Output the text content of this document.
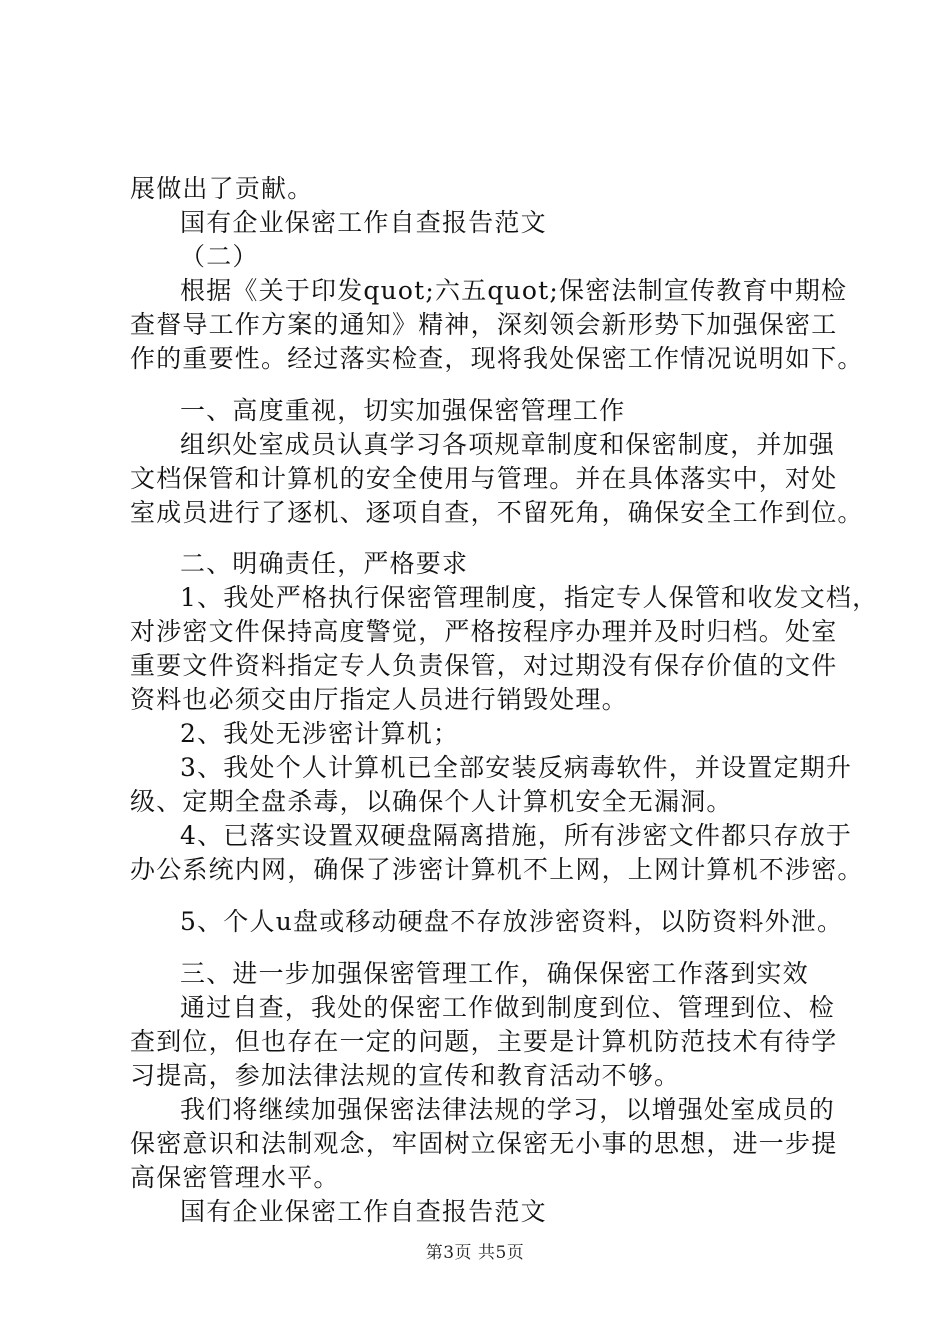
展做出了贡献。
国有企业保密工作自查报告范文
（二）
根据《关于印发quot;六五quot;保密法制宣传教育中期检
查督导工作方案的通知》精神，深刻领会新形势下加强保密工
作的重要性。经过落实检查，现将我处保密工作情况说明如下。
一、高度重视，切实加强保密管理工作
组织处室成员认真学习各项规章制度和保密制度，并加强
文档保管和计算机的安全使用与管理。并在具体落实中，对处
室成员进行了逐机、逐项自查，不留死角，确保安全工作到位。
二、明确责任，严格要求
1、我处严格执行保密管理制度，指定专人保管和收发文档，
对涉密文件保持高度警觉，严格按程序办理并及时归档。处室
重要文件资料指定专人负责保管，对过期没有保存价值的文件
资料也必须交由厅指定人员进行销毁处理。
2、我处无涉密计算机；
3、我处个人计算机已全部安装反病毒软件，并设置定期升
级、定期全盘杀毒，以确保个人计算机安全无漏洞。
4、已落实设置双硬盘隔离措施，所有涉密文件都只存放于
办公系统内网，确保了涉密计算机不上网，上网计算机不涉密。
5、个人u盘或移动硬盘不存放涉密资料，以防资料外泄。
三、进一步加强保密管理工作，确保保密工作落到实效
通过自查，我处的保密工作做到制度到位、管理到位、检
查到位，但也存在一定的问题，主要是计算机防范技术有待学
习提高，参加法律法规的宣传和教育活动不够。
我们将继续加强保密法律法规的学习，以增强处室成员的
保密意识和法制观念，牢固树立保密无小事的思想，进一步提
高保密管理水平。
国有企业保密工作自查报告范文
第3页 共5页
